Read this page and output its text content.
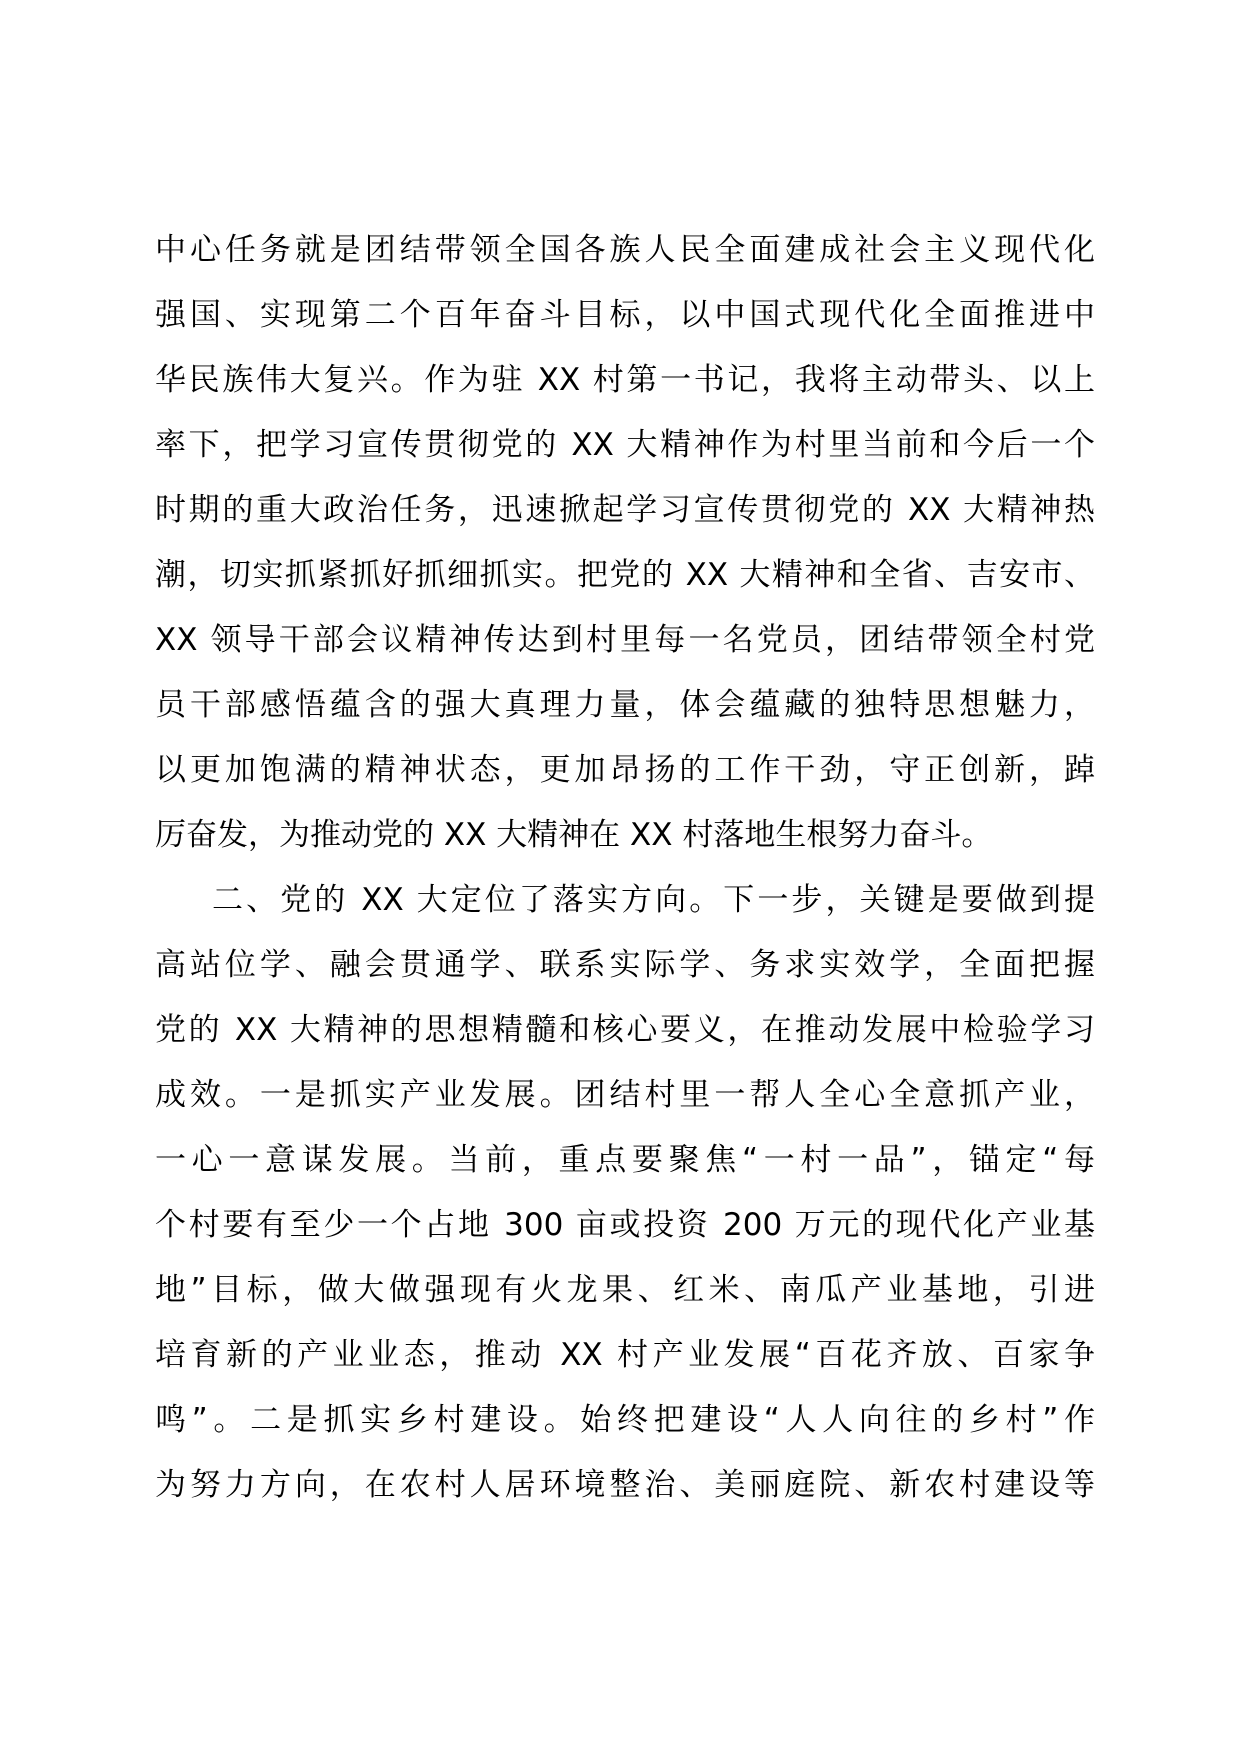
中心任务就是团结带领全国各族人民全面建成社会主义现代化
强国、实现第二个百年奋斗目标，以中国式现代化全面推进中
华民族伟大复兴。作为驻 XX 村第一书记，我将主动带头、以上
率下，把学习宣传贯彻党的 XX 大精神作为村里当前和今后一个
时期的重大政治任务，迅速掀起学习宣传贯彻党的 XX 大精神热
潮，切实抓紧抓好抓细抓实。把党的 XX 大精神和全省、吉安市、
XX 领导干部会议精神传达到村里每一名党员，团结带领全村党
员干部感悟蕴含的强大真理力量，体会蕴藏的独特思想魅力，
以更加饱满的精神状态，更加昂扬的工作干劲，守正创新，踔
厉奋发，为推动党的 XX 大精神在 XX 村落地生根努力奋斗。
二、党的 XX 大定位了落实方向。下一步，关键是要做到提
高站位学、融会贯通学、联系实际学、务求实效学，全面把握
党的 XX 大精神的思想精髓和核心要义，在推动发展中检验学习
成效。一是抓实产业发展。团结村里一帮人全心全意抓产业，
一心一意谋发展。当前，重点要聚焦“一村一品”，锚定“每
个村要有至少一个占地 300 亩或投资 200 万元的现代化产业基
地”目标，做大做强现有火龙果、红米、南瓜产业基地，引进
培育新的产业业态，推动 XX 村产业发展“百花齐放、百家争
鸣”。二是抓实乡村建设。始终把建设“人人向往的乡村”作
为努力方向，在农村人居环境整治、美丽庭院、新农村建设等
